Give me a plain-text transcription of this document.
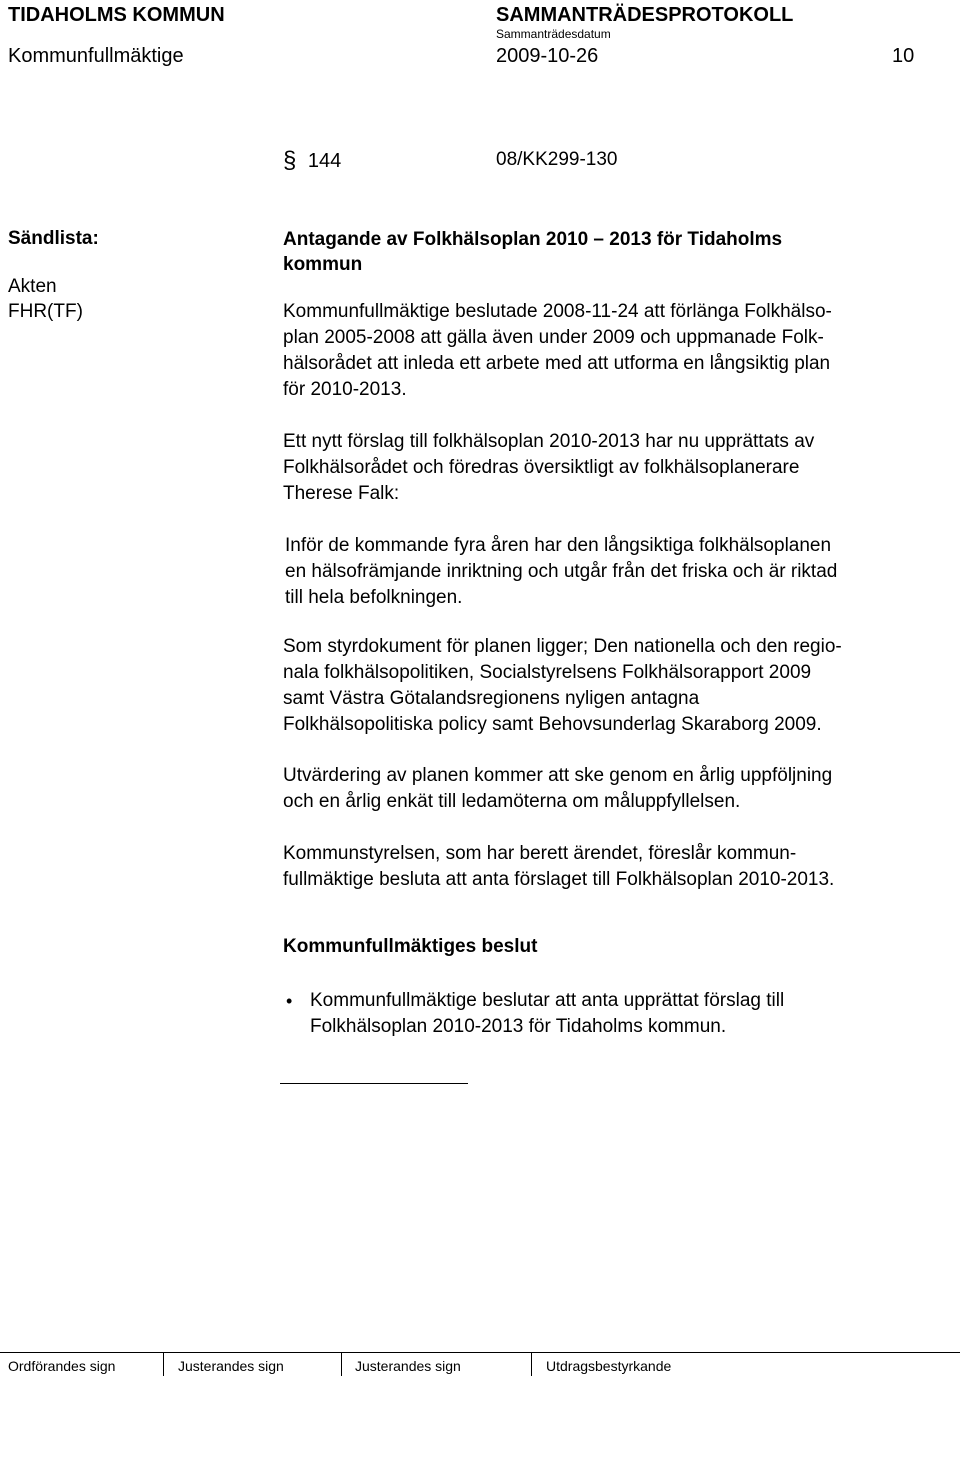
TIDAHOLMS KOMMUN	SAMMANTRÄDESPROTOKOLL
Sammanträdesdatum
Kommunfullmäktige	2009-10-26	10
§ 144	08/KK299-130
Sändlista:
Akten
FHR(TF)
Antagande av Folkhälsoplan 2010 – 2013 för Tidaholms
kommun
Kommunfullmäktige beslutade 2008-11-24 att förlänga Folkhälso-
plan 2005-2008 att gälla även under 2009 och uppmanade Folk-
hälsorådet att inleda ett arbete med att utforma en långsiktig plan
för 2010-2013.
Ett nytt förslag till folkhälsoplan 2010-2013 har nu upprättats av
Folkhälsorådet och föredras översiktligt av folkhälsoplanerare
Therese Falk:
Inför de kommande fyra åren har den långsiktiga folkhälsoplanen
en hälsofrämjande inriktning och utgår från det friska och är riktad
till hela befolkningen.
Som styrdokument för planen ligger; Den nationella och den regio-
nala folkhälsopolitiken, Socialstyrelsens Folkhälsorapport 2009
samt Västra Götalandsregionens nyligen antagna
Folkhälsopolitiska policy samt Behovsunderlag Skaraborg 2009.
Utvärdering av planen kommer att ske genom en årlig uppföljning
och en årlig enkät till ledamöterna om måluppfyllelsen.
Kommunstyrelsen, som har berett ärendet, föreslår kommun-
fullmäktige besluta att anta förslaget till Folkhälsoplan 2010-2013.
Kommunfullmäktiges beslut
• Kommunfullmäktige beslutar att anta upprättat förslag till
Folkhälsoplan 2010-2013 för Tidaholms kommun.
Ordförandes sign	Justerandes sign	Justerandes sign	Utdragsbestyrkande
